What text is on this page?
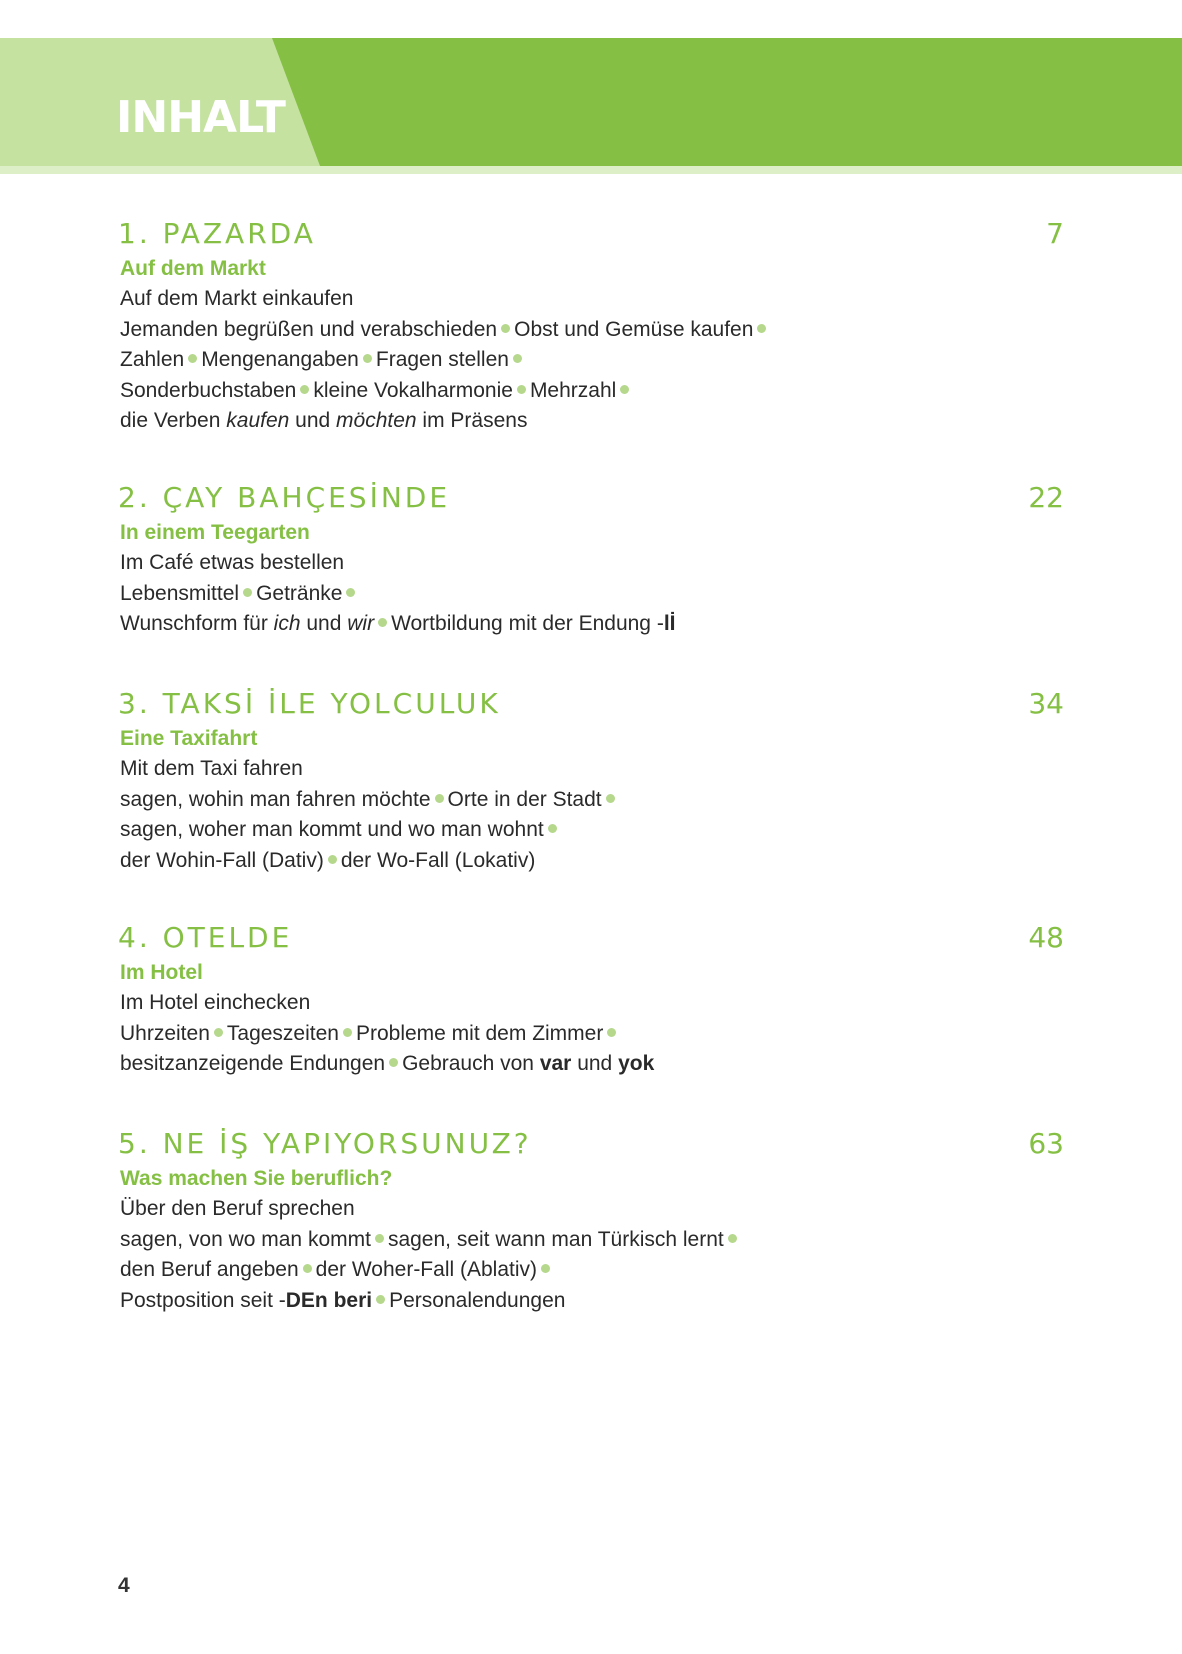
INHALT
1. PAZARDA	7
Auf dem Markt
Auf dem Markt einkaufen
Jemanden begrüßen und verabschieden Obst und Gemüse kaufen
Zahlen Mengenangaben Fragen stellen
Sonderbuchstaben kleine Vokalharmonie Mehrzahl
die Verben kaufen und möchten im Präsens
2. ÇAY BAHÇESİNDE	22
In einem Teegarten
Im Café etwas bestellen
Lebensmittel Getränke
Wunschform für ich und wir Wortbildung mit der Endung -lİ
3. TAKSİ İLE YOLCULUK	34
Eine Taxifahrt
Mit dem Taxi fahren
sagen, wohin man fahren möchte Orte in der Stadt
sagen, woher man kommt und wo man wohnt
der Wohin-Fall (Dativ) der Wo-Fall (Lokativ)
4. OTELDE	48
Im Hotel
Im Hotel einchecken
Uhrzeiten Tageszeiten Probleme mit dem Zimmer
besitzanzeigende Endungen Gebrauch von var und yok
5. NE İŞ YAPIYORSUNUZ?	63
Was machen Sie beruflich?
Über den Beruf sprechen
sagen, von wo man kommt sagen, seit wann man Türkisch lernt
den Beruf angeben der Woher-Fall (Ablativ)
Postposition seit -DEn beri Personalendungen
4
